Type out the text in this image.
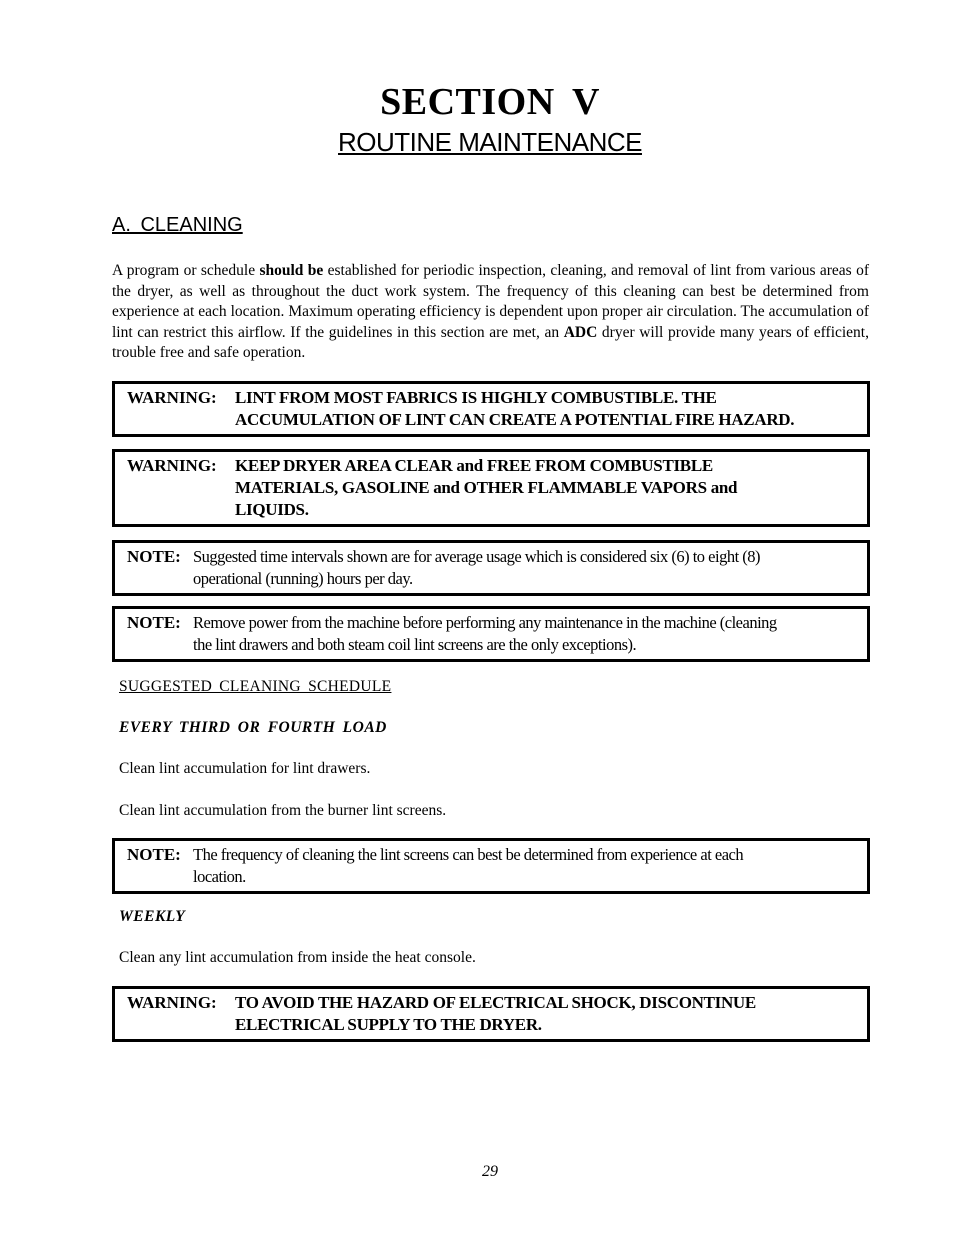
SECTION V
ROUTINE MAINTENANCE
A. CLEANING

A program or schedule should be established for periodic inspection, cleaning, and removal of lint from various areas of the dryer, as well as throughout the duct work system. The frequency of this cleaning can best be determined from experience at each location. Maximum operating efficiency is dependent upon proper air circulation. The accumulation of lint can restrict this airflow. If the guidelines in this section are met, an ADC dryer will provide many years of efficient, trouble free and safe operation.

WARNING:	LINT FROM MOST FABRICS IS HIGHLY COMBUSTIBLE. THE
ACCUMULATION OF LINT CAN CREATE A POTENTIAL FIRE HAZARD.
WARNING:	KEEP DRYER AREA CLEAR and FREE FROM COMBUSTIBLE
MATERIALS, GASOLINE and OTHER FLAMMABLE VAPORS and
LIQUIDS.
NOTE: Suggested time intervals shown are for average usage which is considered six (6) to eight (8)
operational (running) hours per day.
NOTE: Remove power from the machine before performing any maintenance in the machine (cleaning
the lint drawers and both steam coil lint screens are the only exceptions).
SUGGESTED CLEANING SCHEDULE
EVERY THIRD OR FOURTH LOAD
Clean lint accumulation for lint drawers.
Clean lint accumulation from the burner lint screens.
NOTE: The frequency of cleaning the lint screens can best be determined from experience at each
location.
WEEKLY
Clean any lint accumulation from inside the heat console.
WARNING:	TO AVOID THE HAZARD OF ELECTRICAL SHOCK, DISCONTINUE
ELECTRICAL SUPPLY TO THE DRYER.
29
